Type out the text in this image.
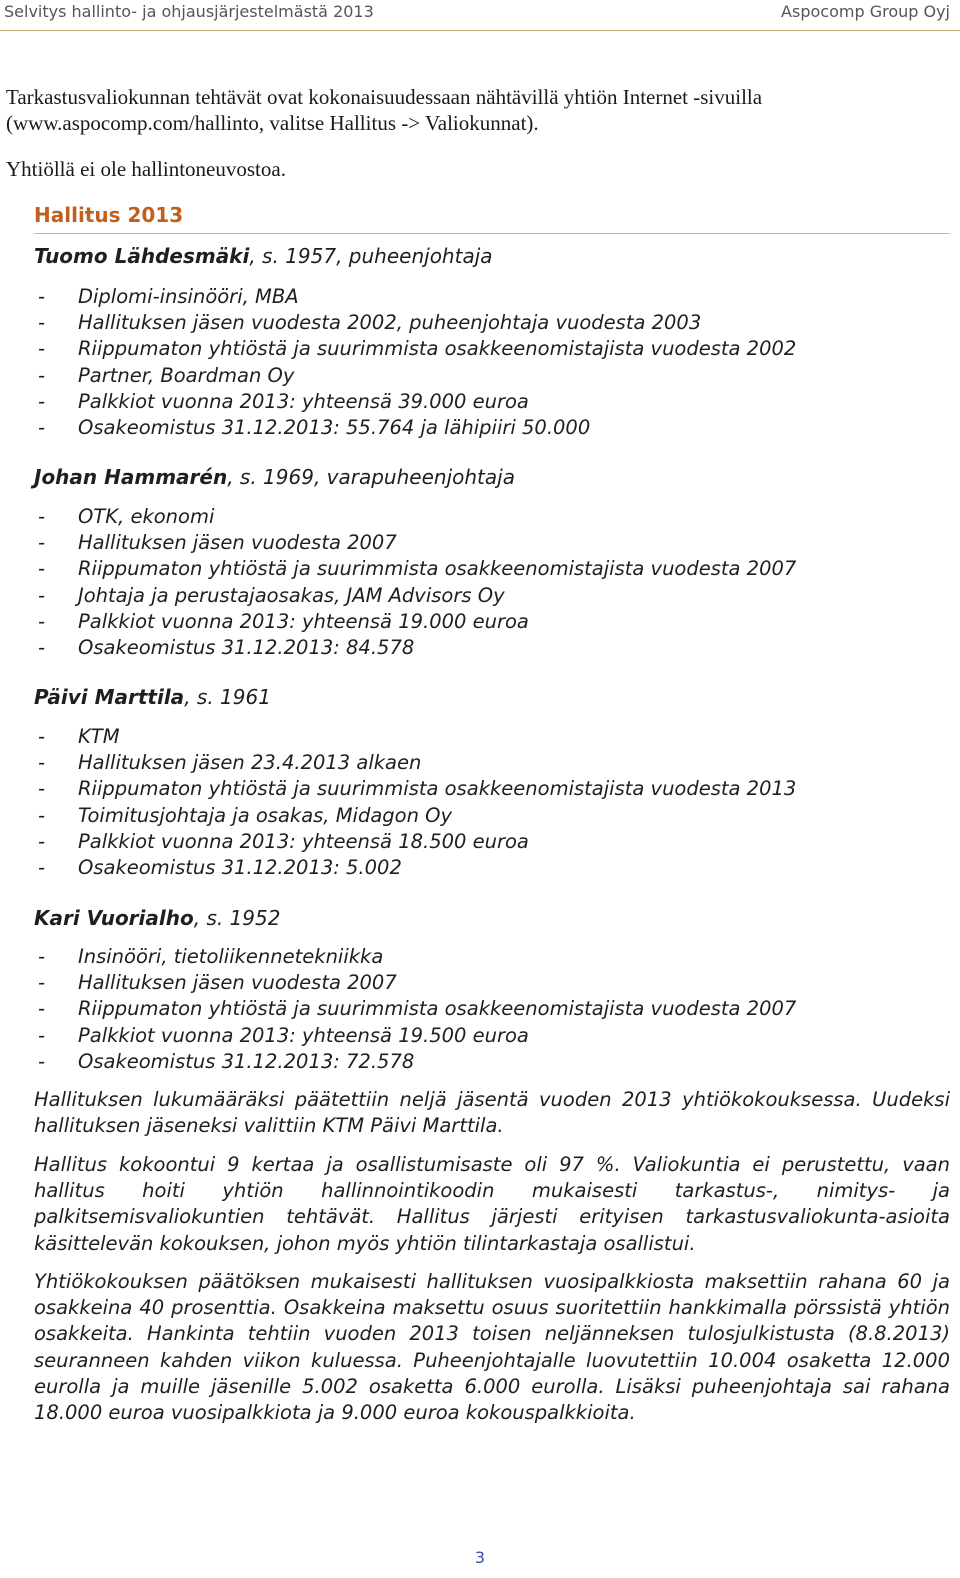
Selvitys hallinto- ja ohjausjärjestelmästä 2013	Aspocomp Group Oyj
Tarkastusvaliokunnan tehtävät ovat kokonaisuudessaan nähtävillä yhtiön Internet -sivuilla (www.aspocomp.com/hallinto, valitse Hallitus -> Valiokunnat).
Yhtiöllä ei ole hallintoneuvostoa.
Hallitus 2013
Tuomo Lähdesmäki, s. 1957, puheenjohtaja
- Diplomi-insinööri, MBA
- Hallituksen jäsen vuodesta 2002, puheenjohtaja vuodesta 2003
- Riippumaton yhtiöstä ja suurimmista osakkeenomistajista vuodesta 2002
- Partner, Boardman Oy
- Palkkiot vuonna 2013: yhteensä 39.000 euroa
- Osakeomistus 31.12.2013: 55.764 ja lähipiiri 50.000
Johan Hammarén, s. 1969, varapuheenjohtaja
- OTK, ekonomi
- Hallituksen jäsen vuodesta 2007
- Riippumaton yhtiöstä ja suurimmista osakkeenomistajista vuodesta 2007
- Johtaja ja perustajaosakas, JAM Advisors Oy
- Palkkiot vuonna 2013: yhteensä 19.000 euroa
- Osakeomistus 31.12.2013: 84.578
Päivi Marttila, s. 1961
- KTM
- Hallituksen jäsen 23.4.2013 alkaen
- Riippumaton yhtiöstä ja suurimmista osakkeenomistajista vuodesta 2013
- Toimitusjohtaja ja osakas, Midagon Oy
- Palkkiot vuonna 2013: yhteensä 18.500 euroa
- Osakeomistus 31.12.2013: 5.002
Kari Vuorialho, s. 1952
- Insinööri, tietoliikennetekniikka
- Hallituksen jäsen vuodesta 2007
- Riippumaton yhtiöstä ja suurimmista osakkeenomistajista vuodesta 2007
- Palkkiot vuonna 2013: yhteensä 19.500 euroa
- Osakeomistus 31.12.2013: 72.578

Hallituksen lukumääräksi päätettiin neljä jäsentä vuoden 2013 yhtiökokouksessa. Uudeksi hallituksen jäseneksi valittiin KTM Päivi Marttila.

Hallitus kokoontui 9 kertaa ja osallistumisaste oli 97 %. Valiokuntia ei perustettu, vaan hallitus hoiti yhtiön hallinnointikoodin mukaisesti tarkastus-, nimitys- ja palkitsemisvaliokuntien tehtävät. Hallitus järjesti erityisen tarkastusvaliokunta-asioita käsittelevän kokouksen, johon myös yhtiön tilintarkastaja osallistui.

Yhtiökokouksen päätöksen mukaisesti hallituksen vuosipalkkiosta maksettiin rahana 60 ja osakkeina 40 prosenttia. Osakkeina maksettu osuus suoritettiin hankkimalla pörssistä yhtiön osakkeita. Hankinta tehtiin vuoden 2013 toisen neljänneksen tulosjulkistusta (8.8.2013) seuranneen kahden viikon kuluessa. Puheenjohtajalle luovutettiin 10.004 osaketta 12.000 eurolla ja muille jäsenille 5.002 osaketta 6.000 eurolla. Lisäksi puheenjohtaja sai rahana 18.000 euroa vuosipalkkiota ja 9.000 euroa kokouspalkkioita.

3
